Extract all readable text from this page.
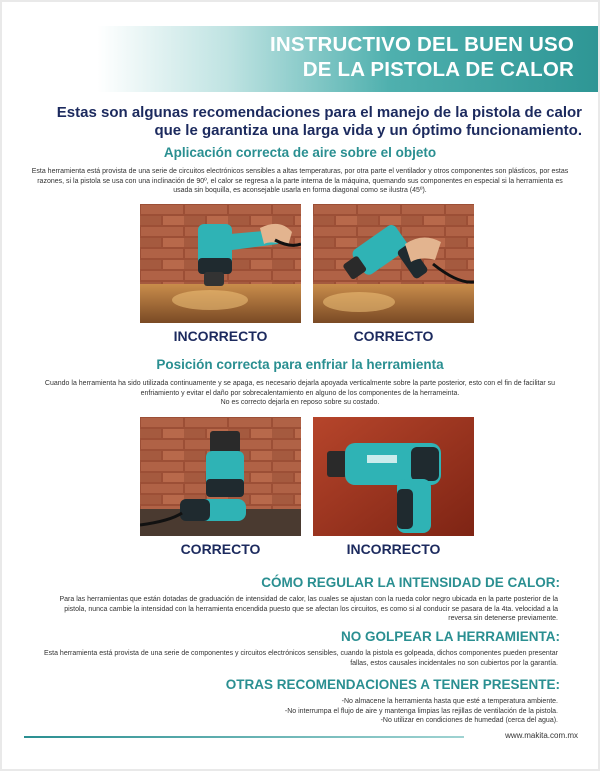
INSTRUCTIVO DEL BUEN USO
DE LA PISTOLA DE CALOR

Estas son algunas recomendaciones para el manejo de la pistola de calor que le garantiza una larga vida y un óptimo funcionamiento.

Aplicación correcta de aire sobre el objeto

Esta herramienta está provista de una serie de circuitos electrónicos sensibles a altas temperaturas, por otra parte el ventilador y otros componentes son plásticos, por estas razones, si la pistola se usa con una inclinación de 90º, el calor se regresa a la parte interna de la máquina, quemando sus componentes en especial si la herramienta es usada sin boquilla, es aconsejable usarla en forma diagonal como se ilustra (45º).

INCORRECTO	CORRECTO

Posición correcta para enfriar la herramienta

Cuando la herramienta ha sido utilizada continuamente y se apaga, es necesario dejarla apoyada verticalmente sobre la parte posterior, esto con el fin de facilitar su enfriamiento y evitar el daño por sobrecalentamiento en alguno de los componentes de la herrameinta.

No es correcto dejarla en reposo sobre su costado.

CORRECTO	INCORRECTO

CÓMO REGULAR LA INTENSIDAD DE CALOR:

Para las herramientas que están dotadas de graduación de intensidad de calor, las cuales se ajustan con la rueda color negro ubicada en la parte posterior de la pistola, nunca cambie la intensidad con la herramienta encendida puesto que se afectan los circuitos, es como si al conducir se pasara de la 4ta. velocidad a la reversa sin detenerse previamente.

NO GOLPEAR LA HERRAMIENTA:

Esta herramienta está provista de una serie de componentes y circuitos electrónicos sensibles, cuando la pistola es golpeada, dichos componentes pueden presentar fallas, estos causales incidentales no son cubiertos por la garantía.

OTRAS RECOMENDACIONES A TENER PRESENTE:

-No almacene la herramienta hasta que esté a temperatura ambiente.

-No interrumpa el flujo de aire y mantenga limpias las rejillas de ventilación de la pistola.

-No utilizar en condiciones de humedad (cerca del agua).

www.makita.com.mx
